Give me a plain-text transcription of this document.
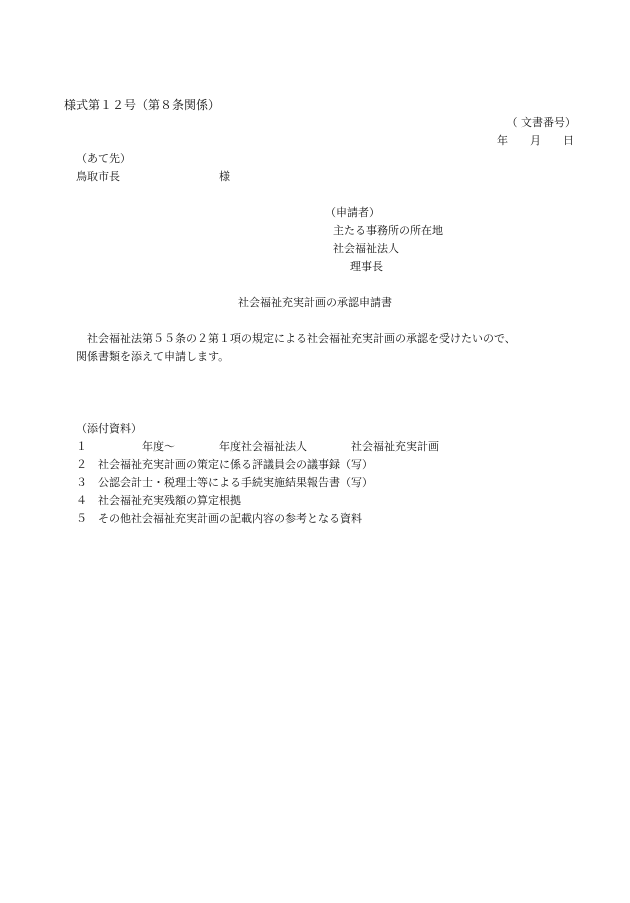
様式第１２号（第８条関係）
（ 文書番号）
年　　月　　日
（あて先）
鳥取市長　　　　　　　　　様
（申請者）
主たる事務所の所在地
社会福祉法人
理事長
社会福祉充実計画の承認申請書
社会福祉法第５５条の２第１項の規定による社会福祉充実計画の承認を受けたいので、
関係書類を添えて申請します。
（添付資料）
１　　　　　年度～　　　　年度社会福祉法人　　　　社会福祉充実計画
２　社会福祉充実計画の策定に係る評議員会の議事録（写）
３　公認会計士・税理士等による手続実施結果報告書（写）
４　社会福祉充実残額の算定根拠
５　その他社会福祉充実計画の記載内容の参考となる資料
